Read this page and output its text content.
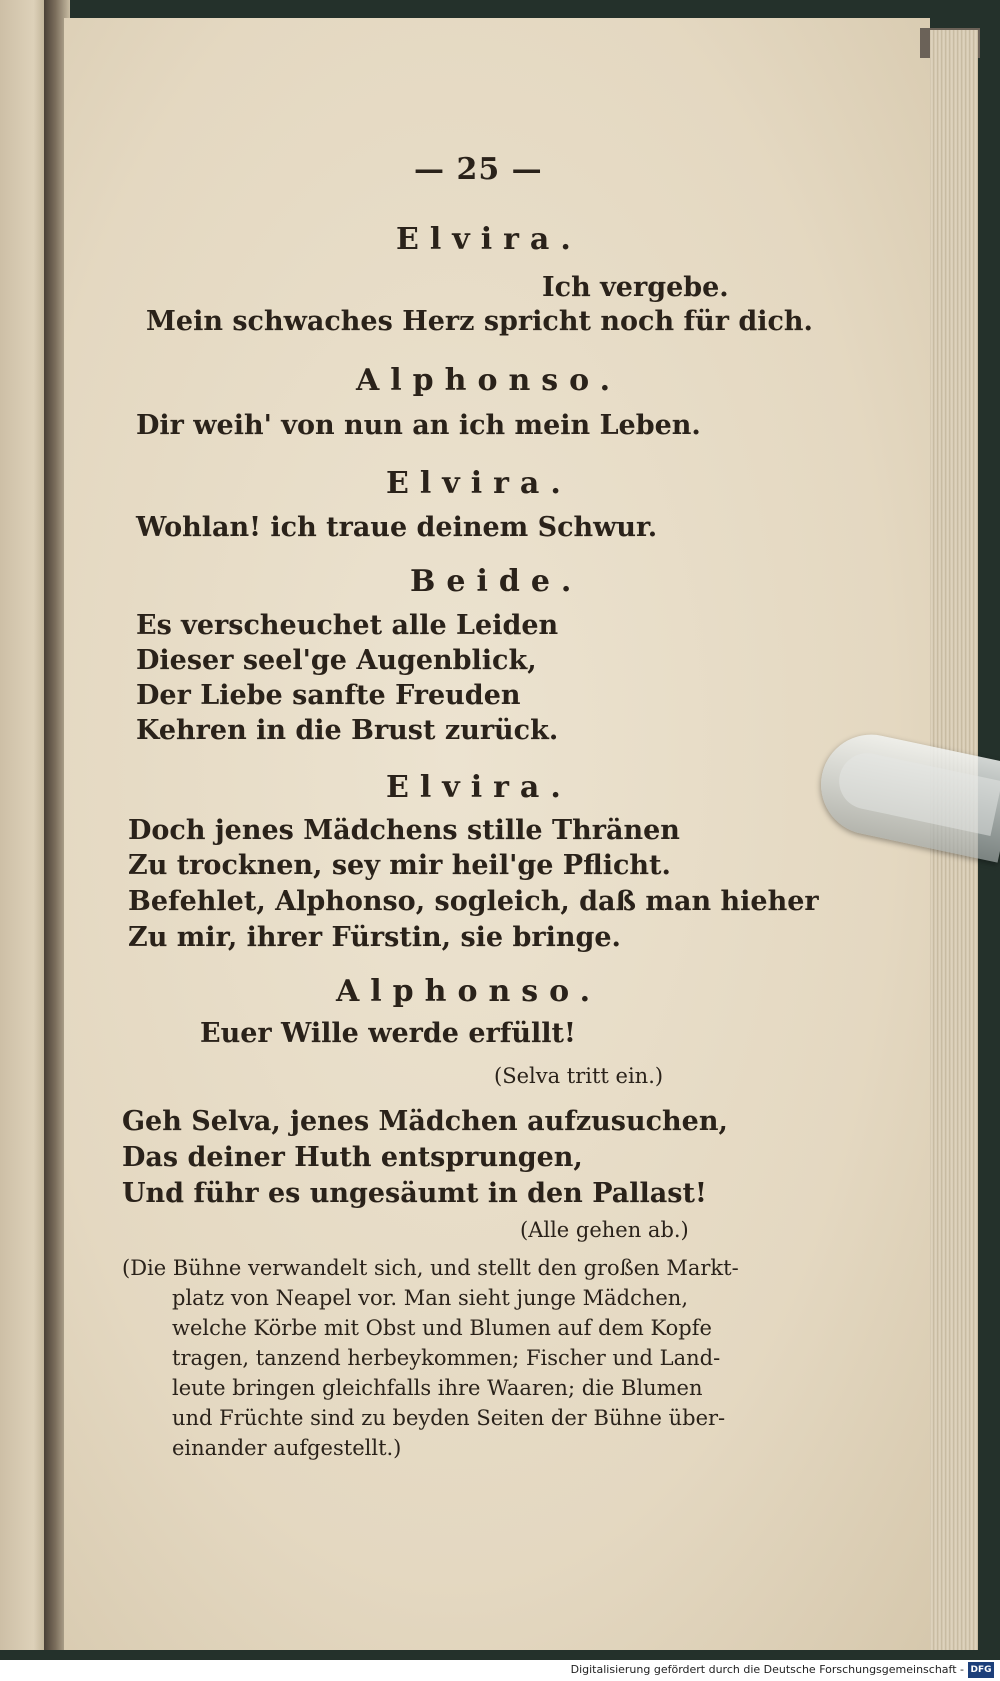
— 25 —
Elvira.
Ich vergebe.
Mein schwaches Herz spricht noch für dich.
Alphonso.
Dir weih' von nun an ich mein Leben.
Elvira.
Wohlan! ich traue deinem Schwur.
Beide.
Es verscheuchet alle Leiden
Dieser seel'ge Augenblick,
Der Liebe sanfte Freuden
Kehren in die Brust zurück.
Elvira.
Doch jenes Mädchens stille Thränen
Zu trocknen, sey mir heil'ge Pflicht.
Befehlet, Alphonso, sogleich, daß man hieher
Zu mir, ihrer Fürstin, sie bringe.
Alphonso.
Euer Wille werde erfüllt!
(Selva tritt ein.)
Geh Selva, jenes Mädchen aufzusuchen,
Das deiner Huth entsprungen,
Und führ es ungesäumt in den Pallast!
(Alle gehen ab.)
(Die Bühne verwandelt sich, und stellt den großen Markt-
platz von Neapel vor. Man sieht junge Mädchen,
welche Körbe mit Obst und Blumen auf dem Kopfe
tragen, tanzend herbeykommen; Fischer und Land-
leute bringen gleichfalls ihre Waaren; die Blumen
und Früchte sind zu beyden Seiten der Bühne über-
einander aufgestellt.)
Digitalisierung gefördert durch die Deutsche Forschungsgemeinschaft - DFG
